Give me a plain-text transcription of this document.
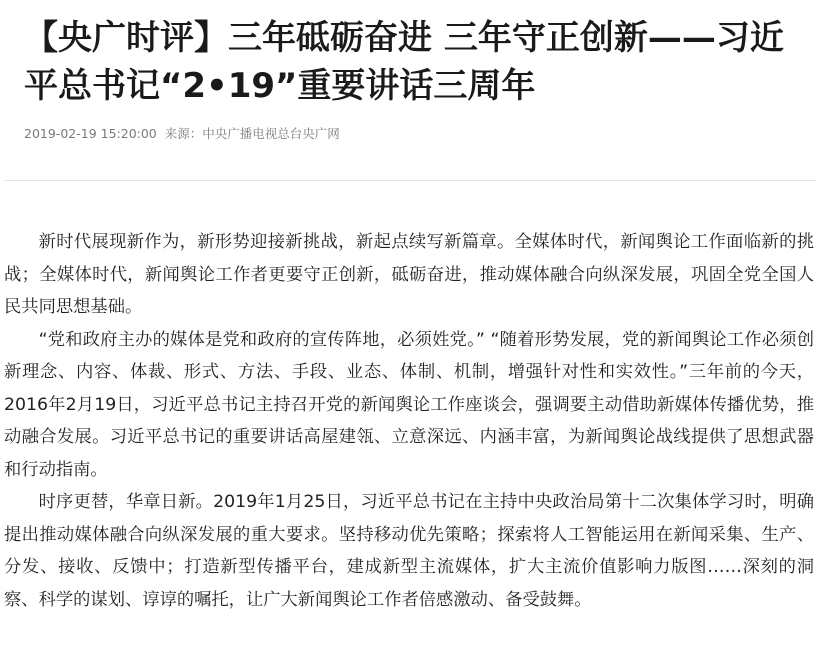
【央广时评】三年砥砺奋进 三年守正创新——习近平总书记“2•19”重要讲话三周年
2019-02-19 15:20:00 来源：中央广播电视总台央广网

新时代展现新作为，新形势迎接新挑战，新起点续写新篇章。全媒体时代，新闻舆论工作面临新的挑战；全媒体时代，新闻舆论工作者更要守正创新，砥砺奋进，推动媒体融合向纵深发展，巩固全党全国人民共同思想基础。

“党和政府主办的媒体是党和政府的宣传阵地，必须姓党。” “随着形势发展，党的新闻舆论工作必须创新理念、内容、体裁、形式、方法、手段、业态、体制、机制，增强针对性和实效性。”三年前的今天，2016年2月19日，习近平总书记主持召开党的新闻舆论工作座谈会，强调要主动借助新媒体传播优势，推动融合发展。习近平总书记的重要讲话高屋建瓴、立意深远、内涵丰富，为新闻舆论战线提供了思想武器和行动指南。

时序更替，华章日新。2019年1月25日，习近平总书记在主持中央政治局第十二次集体学习时，明确提出推动媒体融合向纵深发展的重大要求。坚持移动优先策略；探索将人工智能运用在新闻采集、生产、分发、接收、反馈中；打造新型传播平台，建成新型主流媒体，扩大主流价值影响力版图……深刻的洞察、科学的谋划、谆谆的嘱托，让广大新闻舆论工作者倍感激动、备受鼓舞。
